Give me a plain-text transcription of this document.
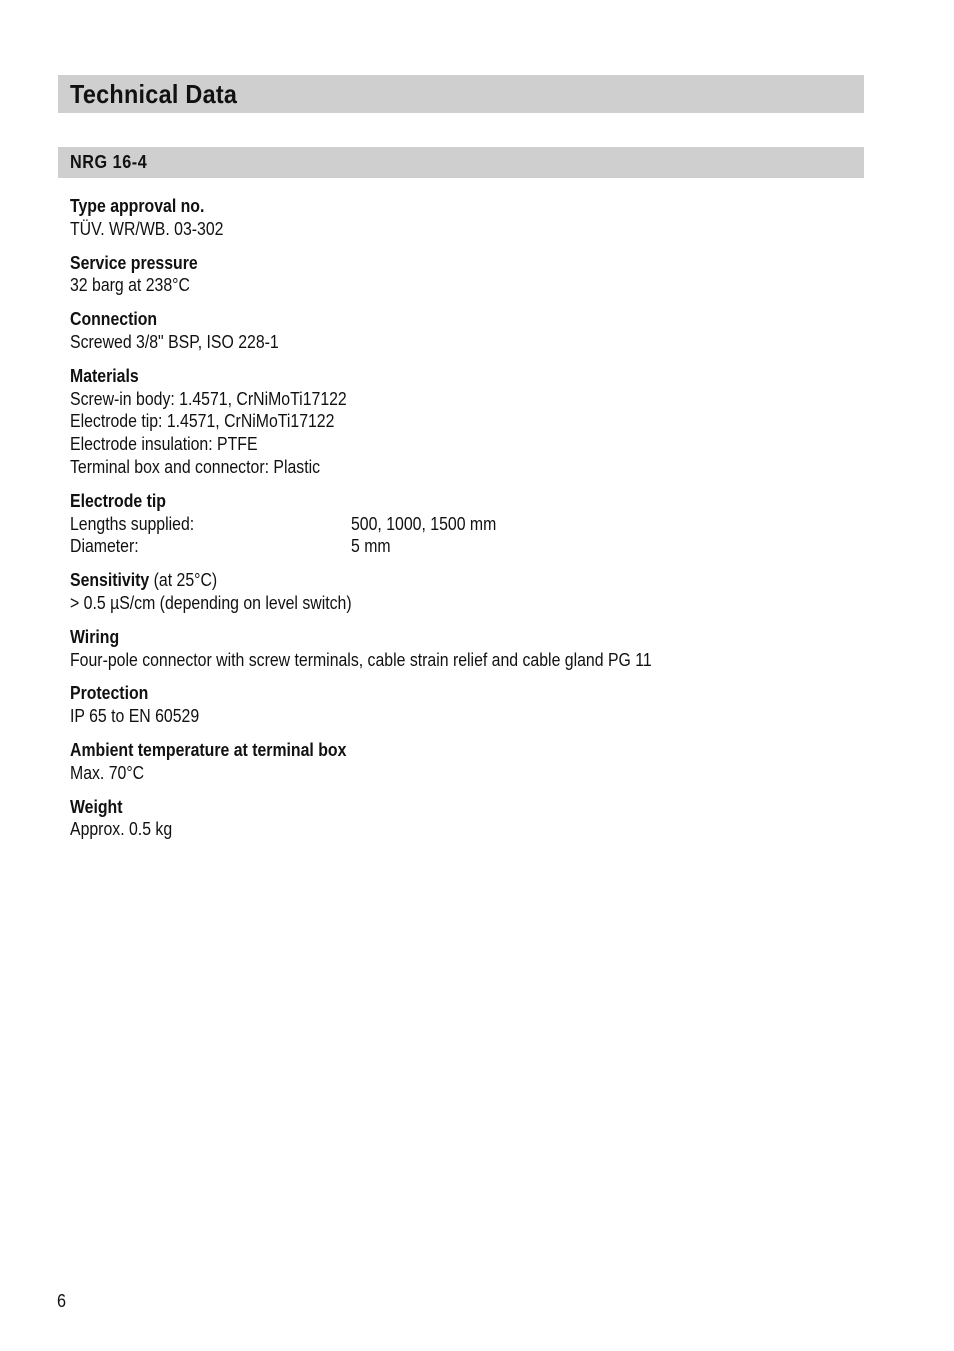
Technical Data
NRG 16-4
Type approval no.
TÜV. WR/WB. 03-302
Service pressure
32 barg at 238°C
Connection
Screwed 3/8" BSP, ISO 228-1
Materials
Screw-in body: 1.4571, CrNiMoTi17122
Electrode tip: 1.4571, CrNiMoTi17122
Electrode insulation: PTFE
Terminal box and connector: Plastic
Electrode tip
Lengths supplied:	500, 1000, 1500 mm
Diameter:	5 mm
Sensitivity (at 25°C)
> 0.5 µS/cm (depending on level switch)
Wiring
Four-pole connector with screw terminals, cable strain relief and cable gland PG 11
Protection
IP 65 to EN 60529
Ambient temperature at terminal box
Max. 70°C
Weight
Approx. 0.5 kg
6
